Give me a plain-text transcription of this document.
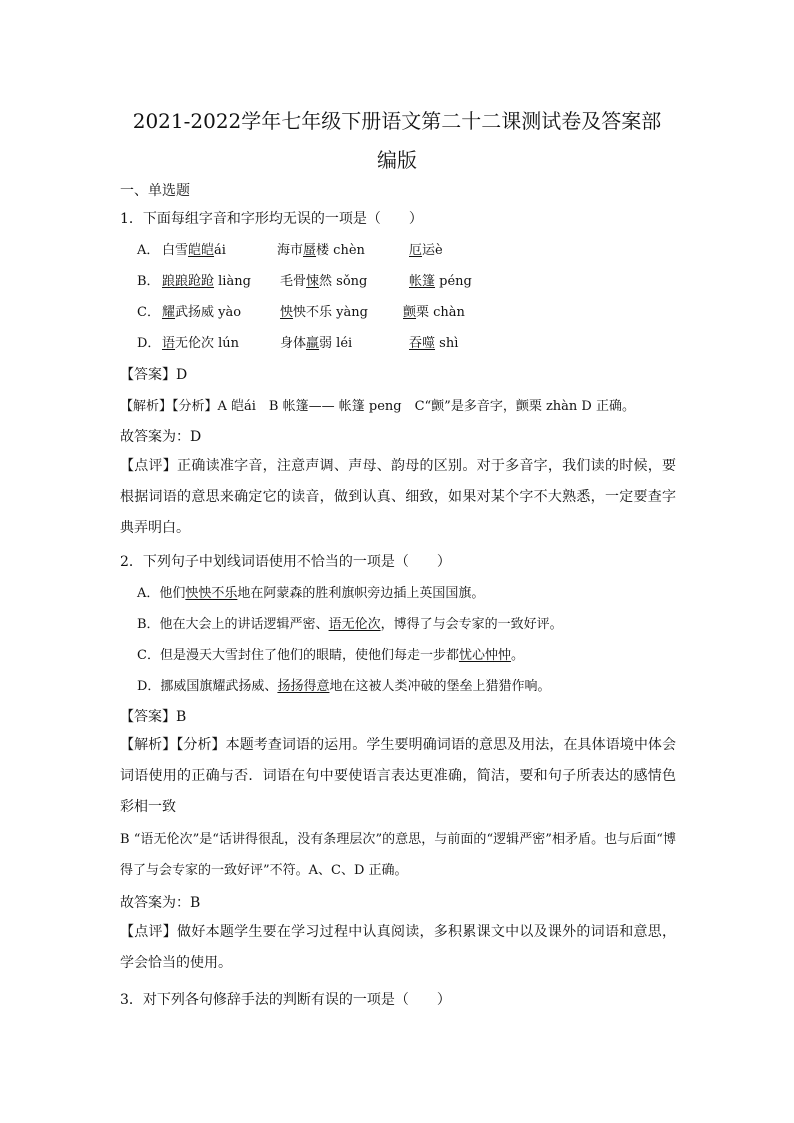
2021-2022学年七年级下册语文第二十二课测试卷及答案部
编版
一、单选题
1．下面每组字音和字形均无误的一项是（　　）
A． 白雪皑皑ái	海市蜃楼 chèn	厄运è
B． 踉踉跄跄 liàng 毛骨悚然 sǒng	帐篷 péng
C． 耀武扬威 yào	怏怏不乐 yàng	颤栗 chàn
D． 语无伦次 lún	身体羸弱 léi	吞噬 shì
【答案】D
【解析】【分析】A 皑ái　B 帐篷—— 帐篷 peng　C“颤”是多音字，颤栗 zhàn D 正确。
故答案为：D
【点评】正确读准字音，注意声调、声母、韵母的区别。对于多音字，我们读的时候，要根据词语的意思来确定它的读音，做到认真、细致，如果对某个字不大熟悉，一定要查字典弄明白。
2．下列句子中划线词语使用不恰当的一项是（　　）
A．他们怏怏不乐地在阿蒙森的胜利旗帜旁边插上英国国旗。
B．他在大会上的讲话逻辑严密、语无伦次，博得了与会专家的一致好评。
C．但是漫天大雪封住了他们的眼睛，使他们每走一步都忧心忡忡。
D．挪威国旗耀武扬威、扬扬得意地在这被人类冲破的堡垒上猎猎作响。
【答案】B
【解析】【分析】本题考查词语的运用。学生要明确词语的意思及用法，在具体语境中体会词语使用的正确与否．词语在句中要使语言表达更准确，简洁，要和句子所表达的感情色彩相一致
B “语无伦次”是“话讲得很乱，没有条理层次”的意思，与前面的“逻辑严密”相矛盾。也与后面“博得了与会专家的一致好评”不符。A、C、D 正确。
故答案为：B
【点评】做好本题学生要在学习过程中认真阅读，多积累课文中以及课外的词语和意思，学会恰当的使用。
3．对下列各句修辞手法的判断有误的一项是（　　）
